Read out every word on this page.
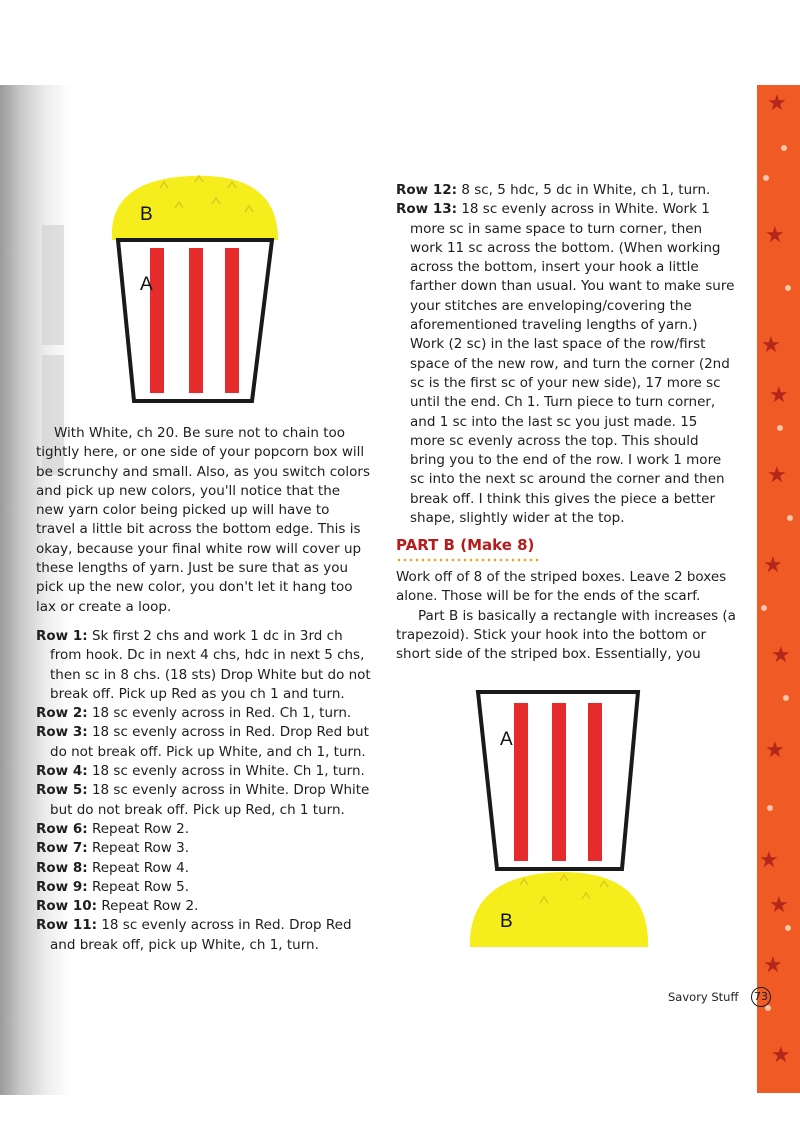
★
★
★
★
★
★
★
★
★
★
★
★
B
A
A
B

With White, ch 20. Be sure not to chain too tightly here, or one side of your popcorn box will be scrunchy and small. Also, as you switch colors and pick up new colors, you'll notice that the new yarn color being picked up will have to travel a little bit across the bottom edge. This is okay, because your final white row will cover up these lengths of yarn. Just be sure that as you pick up the new color, you don't let it hang too lax or create a loop.

Row 1: Sk first 2 chs and work 1 dc in 3rd ch from hook. Dc in next 4 chs, hdc in next 5 chs, then sc in 8 chs. (18 sts) Drop White but do not break off. Pick up Red as you ch 1 and turn.

Row 2: 18 sc evenly across in Red. Ch 1, turn.

Row 3: 18 sc evenly across in Red. Drop Red but do not break off. Pick up White, and ch 1, turn.

Row 4: 18 sc evenly across in White. Ch 1, turn.

Row 5: 18 sc evenly across in White. Drop White but do not break off. Pick up Red, ch 1 turn.

Row 6: Repeat Row 2.

Row 7: Repeat Row 3.

Row 8: Repeat Row 4.

Row 9: Repeat Row 5.

Row 10: Repeat Row 2.

Row 11: 18 sc evenly across in Red. Drop Red and break off, pick up White, ch 1, turn.

Row 12: 8 sc, 5 hdc, 5 dc in White, ch 1, turn.

Row 13: 18 sc evenly across in White. Work 1 more sc in same space to turn corner, then work 11 sc across the bottom. (When working across the bottom, insert your hook a little farther down than usual. You want to make sure your stitches are enveloping/covering the aforementioned traveling lengths of yarn.) Work (2 sc) in the last space of the row/first space of the new row, and turn the corner (2nd sc is the first sc of your new side), 17 more sc until the end. Ch 1. Turn piece to turn corner, and 1 sc into the last sc you just made. 15 more sc evenly across the top. This should bring you to the end of the row. I work 1 more sc into the next sc around the corner and then break off. I think this gives the piece a better shape, slightly wider at the top.

PART B (Make 8)

Work off of 8 of the striped boxes. Leave 2 boxes alone. Those will be for the ends of the scarf.

Part B is basically a rectangle with increases (a trapezoid). Stick your hook into the bottom or short side of the striped box. Essentially, you

Savory Stuff 73
